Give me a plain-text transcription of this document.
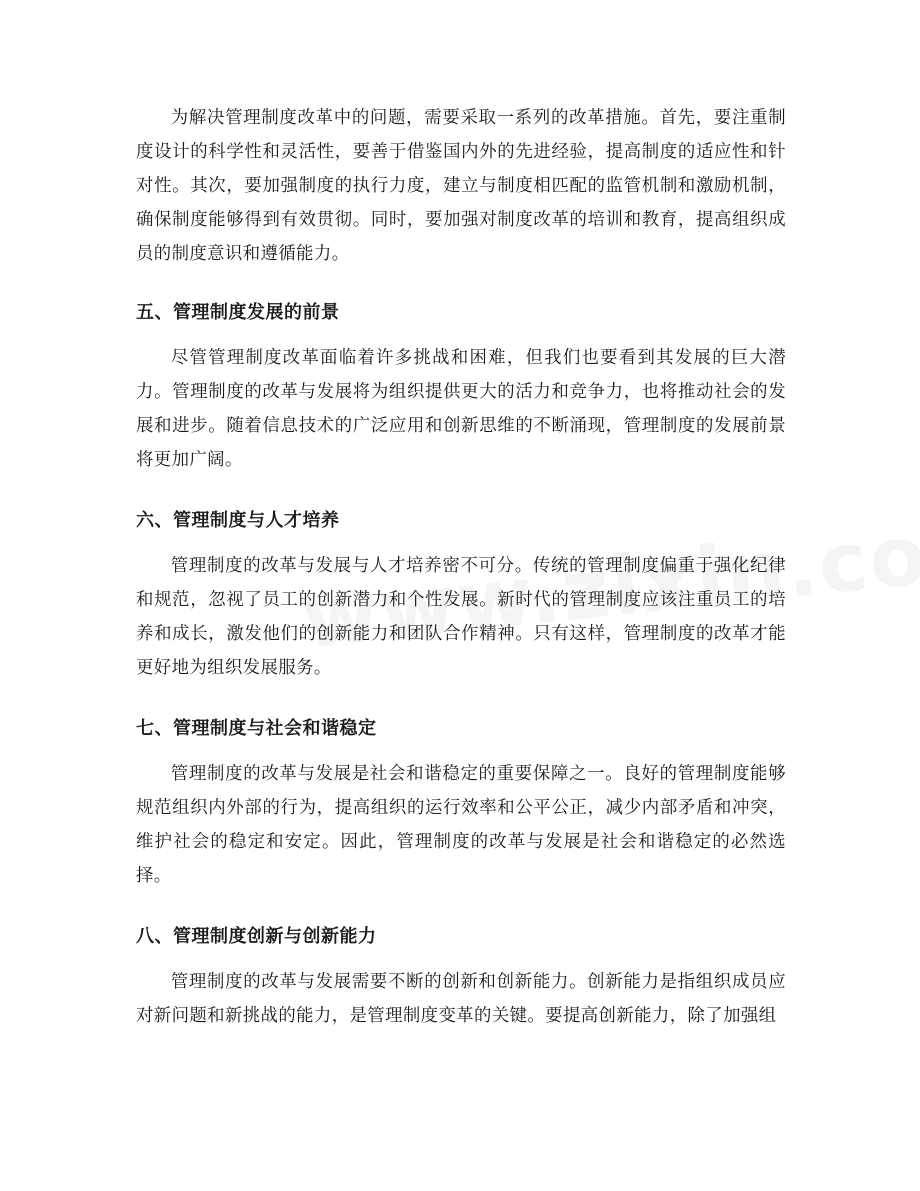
为解决管理制度改革中的问题，需要采取一系列的改革措施。首先，要注重制度设计的科学性和灵活性，要善于借鉴国内外的先进经验，提高制度的适应性和针对性。其次，要加强制度的执行力度，建立与制度相匹配的监管机制和激励机制，确保制度能够得到有效贯彻。同时，要加强对制度改革的培训和教育，提高组织成员的制度意识和遵循能力。

五、管理制度发展的前景

尽管管理制度改革面临着许多挑战和困难，但我们也要看到其发展的巨大潜力。管理制度的改革与发展将为组织提供更大的活力和竞争力，也将推动社会的发展和进步。随着信息技术的广泛应用和创新思维的不断涌现，管理制度的发展前景将更加广阔。

六、管理制度与人才培养

管理制度的改革与发展与人才培养密不可分。传统的管理制度偏重于强化纪律和规范，忽视了员工的创新潜力和个性发展。新时代的管理制度应该注重员工的培养和成长，激发他们的创新能力和团队合作精神。只有这样，管理制度的改革才能更好地为组织发展服务。

七、管理制度与社会和谐稳定

管理制度的改革与发展是社会和谐稳定的重要保障之一。良好的管理制度能够规范组织内外部的行为，提高组织的运行效率和公平公正，减少内部矛盾和冲突，维护社会的稳定和安定。因此，管理制度的改革与发展是社会和谐稳定的必然选择。

八、管理制度创新与创新能力

管理制度的改革与发展需要不断的创新和创新能力。创新能力是指组织成员应对新问题和新挑战的能力，是管理制度变革的关键。要提高创新能力，除了加强组
